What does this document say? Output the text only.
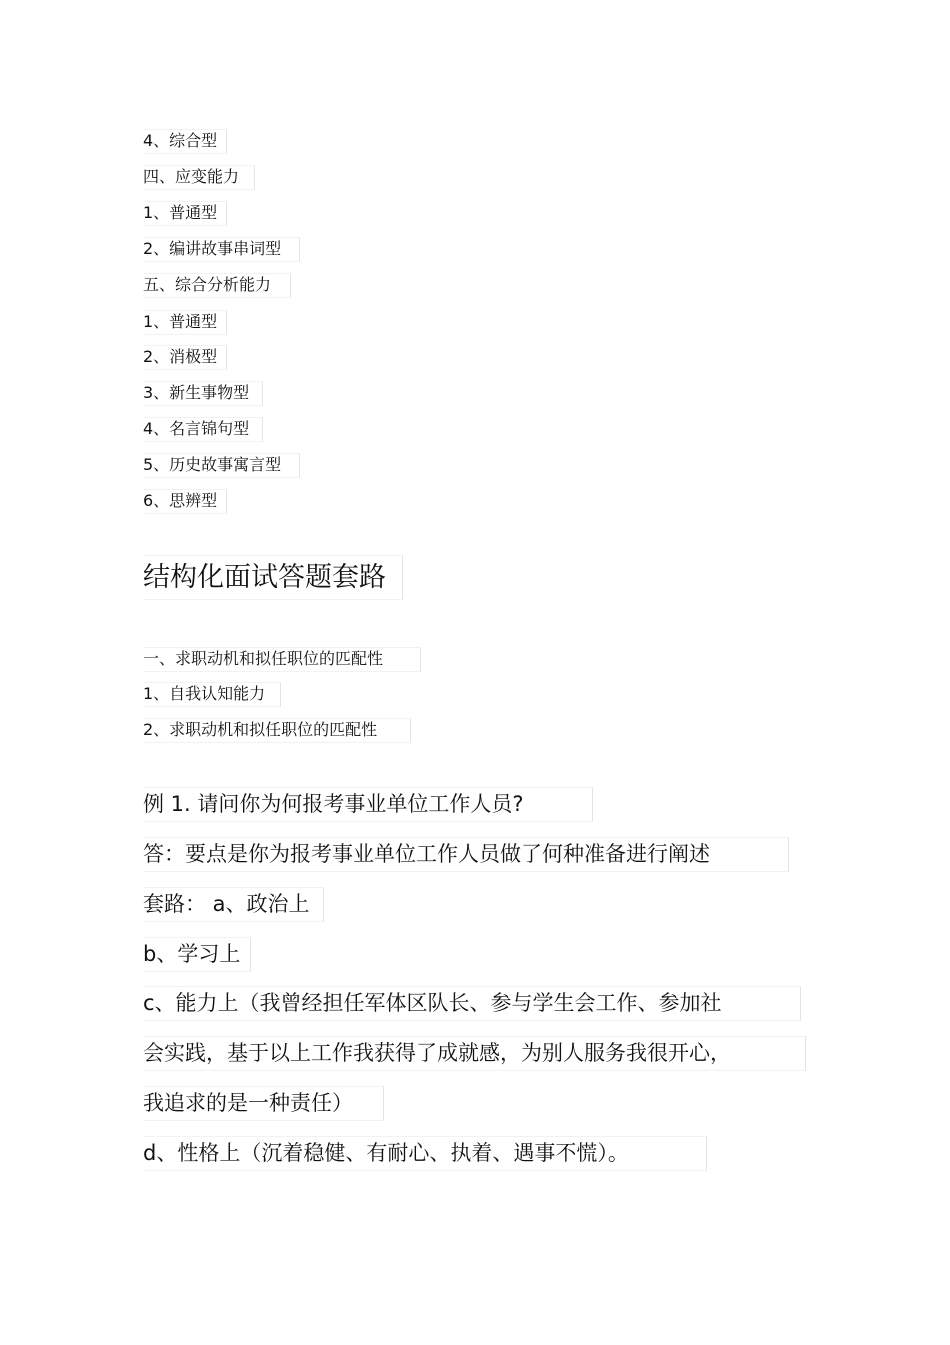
4、综合型
四、应变能力
1、普通型
2、编讲故事串词型
五、综合分析能力
1、普通型
2、消极型
3、新生事物型
4、名言锦句型
5、历史故事寓言型
6、思辨型
结构化面试答题套路
一、求职动机和拟任职位的匹配性
1、自我认知能力
2、求职动机和拟任职位的匹配性
例 1. 请问你为何报考事业单位工作人员?
答：要点是你为报考事业单位工作人员做了何种准备进行阐述
套路： a、政治上
b、学习上
c、能力上（我曾经担任军体区队长、参与学生会工作、参加社
会实践，基于以上工作我获得了成就感，为别人服务我很开心，
我追求的是一种责任）
d、性格上（沉着稳健、有耐心、执着、遇事不慌）。
